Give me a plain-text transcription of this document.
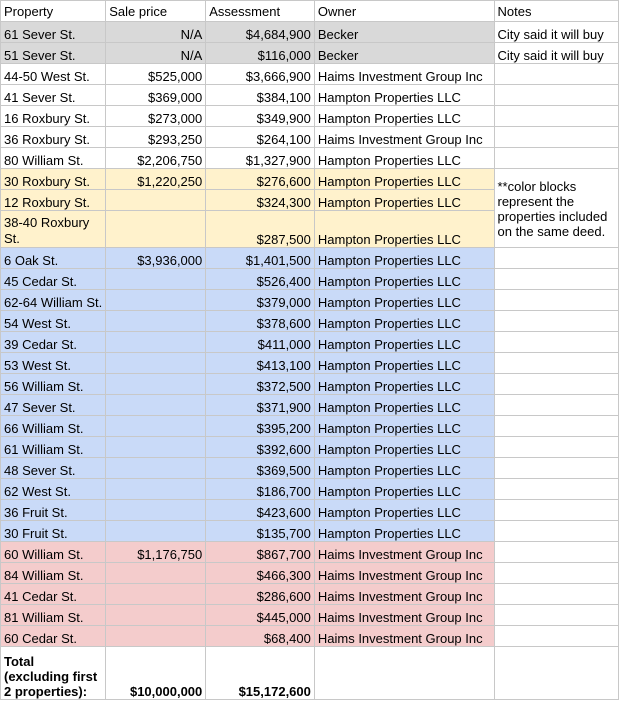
Property	Sale price	Assessment	Owner	Notes
61 Sever St.	N/A	$4,684,900	Becker	City said it will buy
51 Sever St.	N/A	$116,000	Becker	City said it will buy
44-50 West St.	$525,000	$3,666,900	Haims Investment Group Inc	
41 Sever St.	$369,000	$384,100	Hampton Properties LLC	
16 Roxbury St.	$273,000	$349,900	Hampton Properties LLC	
36 Roxbury St.	$293,250	$264,100	Haims Investment Group Inc	
80 William St.	$2,206,750	$1,327,900	Hampton Properties LLC	
30 Roxbury St.	$1,220,250	$276,600	Hampton Properties LLC	**color blocks represent the properties included on the same deed.
12 Roxbury St.		$324,300	Hampton Properties LLC	
38-40 Roxbury St.		$287,500	Hampton Properties LLC	
6 Oak St.	$3,936,000	$1,401,500	Hampton Properties LLC	
45 Cedar St.		$526,400	Hampton Properties LLC	
62-64 William St.		$379,000	Hampton Properties LLC	
54 West St.		$378,600	Hampton Properties LLC	
39 Cedar St.		$411,000	Hampton Properties LLC	
53 West St.		$413,100	Hampton Properties LLC	
56 William St.		$372,500	Hampton Properties LLC	
47 Sever St.		$371,900	Hampton Properties LLC	
66 William St.		$395,200	Hampton Properties LLC	
61 William St.		$392,600	Hampton Properties LLC	
48 Sever St.		$369,500	Hampton Properties LLC	
62 West St.		$186,700	Hampton Properties LLC	
36 Fruit St.		$423,600	Hampton Properties LLC	
30 Fruit St.		$135,700	Hampton Properties LLC	
60 William St.	$1,176,750	$867,700	Haims Investment Group Inc	
84 William St.		$466,300	Haims Investment Group Inc	
41 Cedar St.		$286,600	Haims Investment Group Inc	
81 William St.		$445,000	Haims Investment Group Inc	
60 Cedar St.		$68,400	Haims Investment Group Inc	
Total (excluding first 2 properties):	$10,000,000	$15,172,600		
